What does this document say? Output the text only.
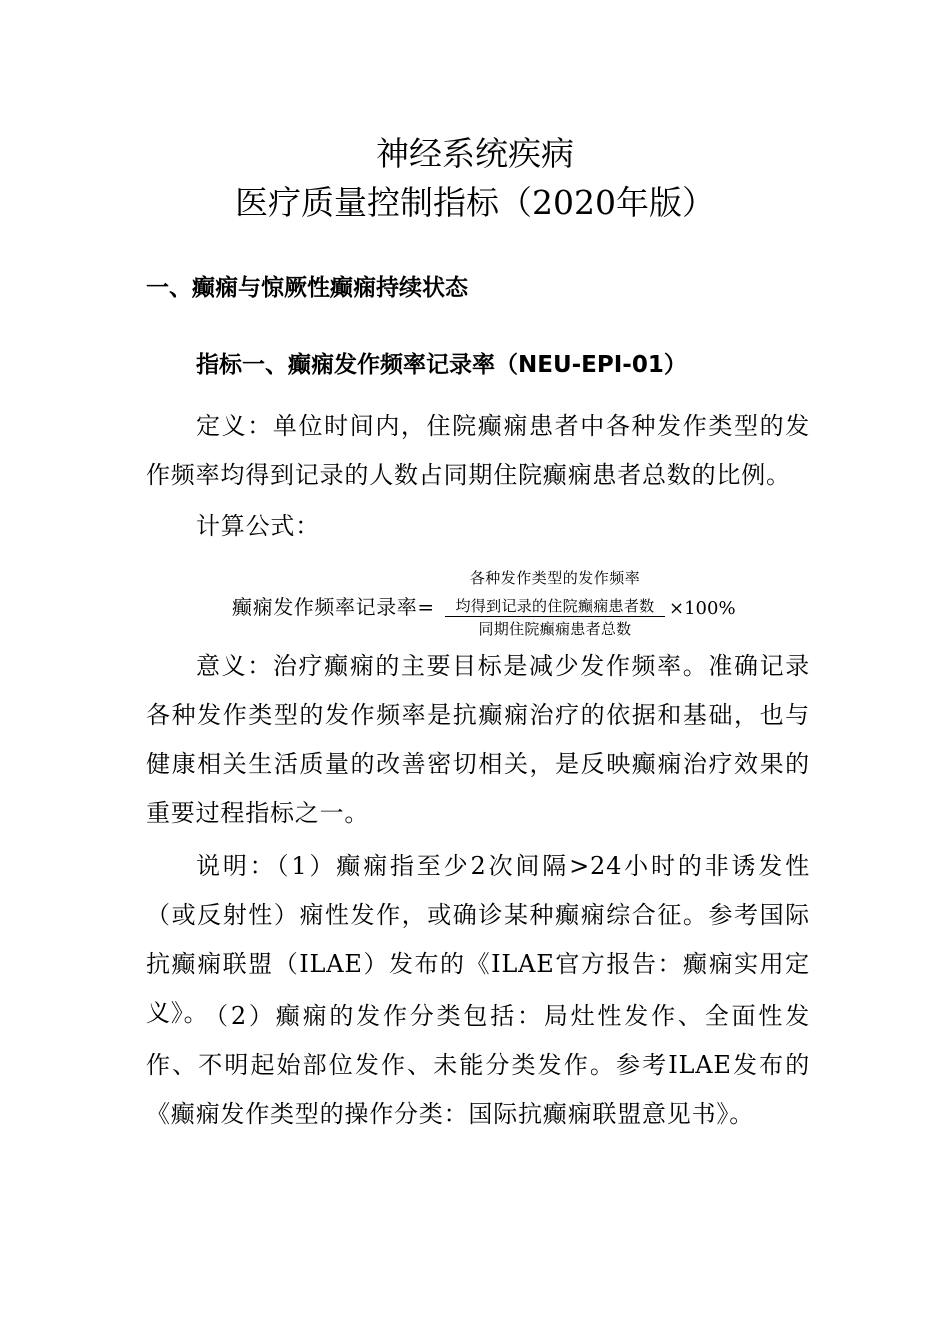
神经系统疾病
医疗质量控制指标（2020年版）
一、癫痫与惊厥性癫痫持续状态
指标一、癫痫发作频率记录率（NEU-EPI-01）

定义：单位时间内，住院癫痫患者中各种发作类型的发作频率均得到记录的人数占同期住院癫痫患者总数的比例。

计算公式：

癫痫发作频率记录率=
各种发作类型的发作频率
均得到记录的住院癫痫患者数
同期住院癫痫患者总数
×100%

意义：治疗癫痫的主要目标是减少发作频率。准确记录各种发作类型的发作频率是抗癫痫治疗的依据和基础，也与健康相关生活质量的改善密切相关，是反映癫痫治疗效果的重要过程指标之一。

说明：（1）癫痫指至少2次间隔>24小时的非诱发性（或反射性）痫性发作，或确诊某种癫痫综合征。参考国际抗癫痫联盟（ILAE）发布的《ILAE官方报告：癫痫实用定义》。

（2）癫痫的发作分类包括：局灶性发作、全面性发作、不明起始部位发作、未能分类发作。参考ILAE发布的《癫痫发作类型的操作分类：国际抗癫痫联盟意见书》。
